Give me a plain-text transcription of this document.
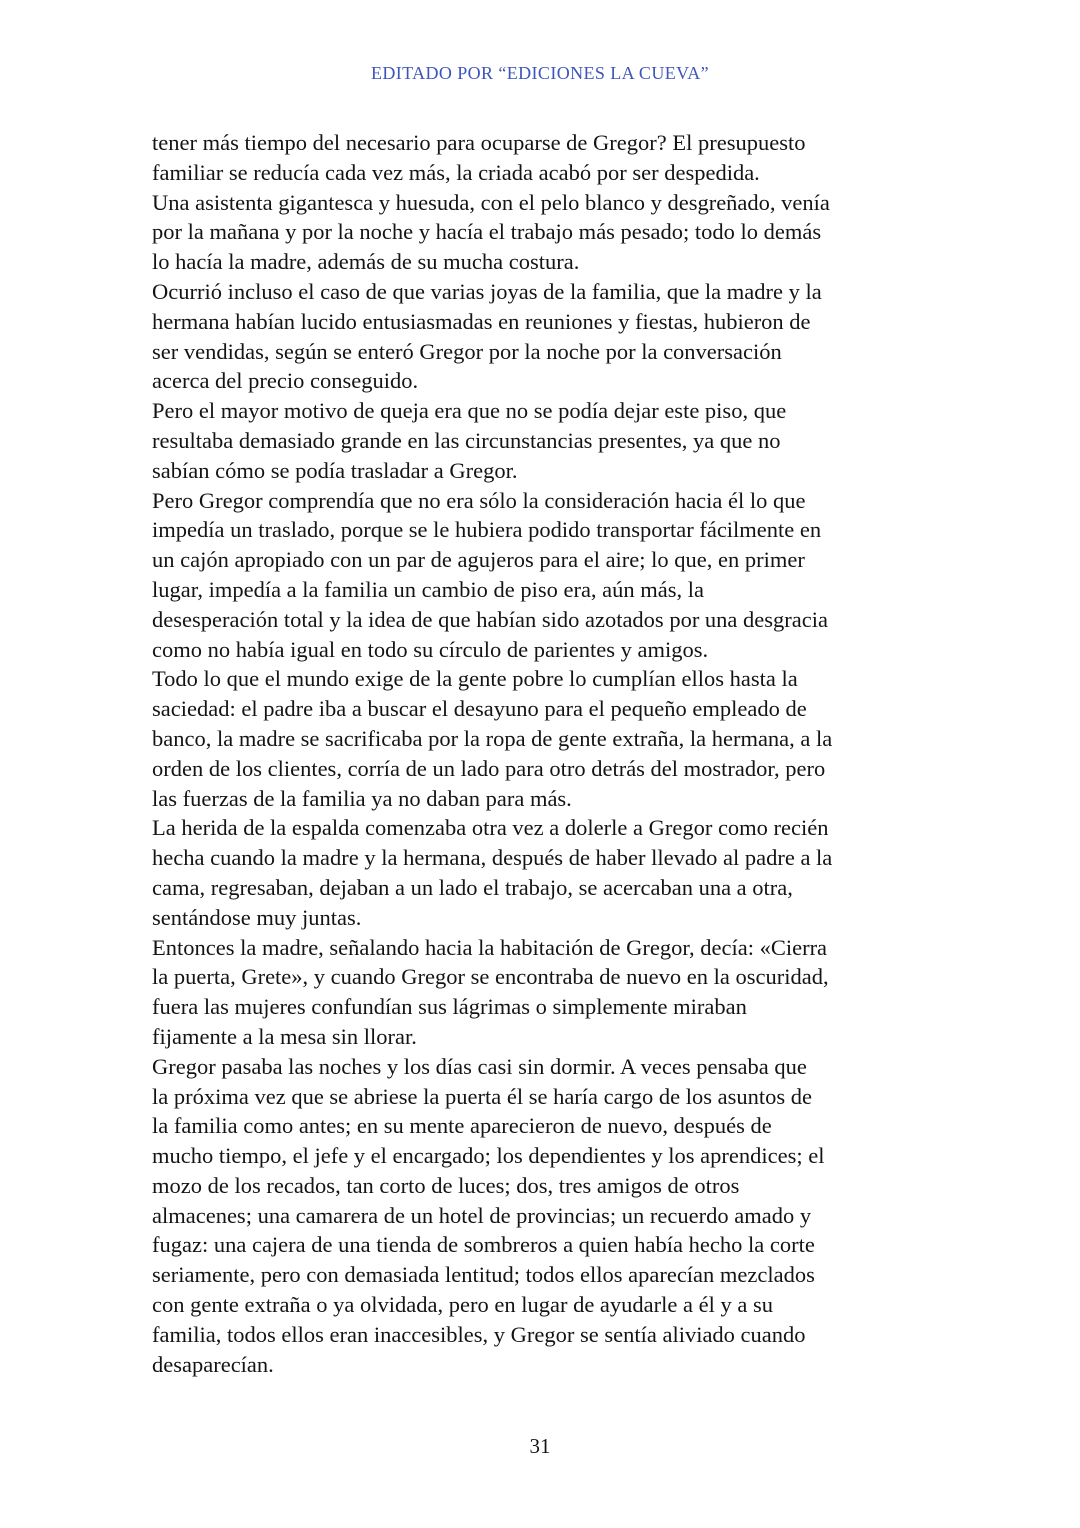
EDITADO POR “EDICIONES LA CUEVA”

tener más tiempo del necesario para ocuparse de Gregor? El presupuesto
familiar se reducía cada vez más, la criada acabó por ser despedida.

Una asistenta gigantesca y huesuda, con el pelo blanco y desgreñado, venía
por la mañana y por la noche y hacía el trabajo más pesado; todo lo demás
lo hacía la madre, además de su mucha costura.

Ocurrió incluso el caso de que varias joyas de la familia, que la madre y la
hermana habían lucido entusiasmadas en reuniones y fiestas, hubieron de
ser vendidas, según se enteró Gregor por la noche por la conversación
acerca del precio conseguido.

Pero el mayor motivo de queja era que no se podía dejar este piso, que
resultaba demasiado grande en las circunstancias presentes, ya que no
sabían cómo se podía trasladar a Gregor.

Pero Gregor comprendía que no era sólo la consideración hacia él lo que
impedía un traslado, porque se le hubiera podido transportar fácilmente en
un cajón apropiado con un par de agujeros para el aire; lo que, en primer
lugar, impedía a la familia un cambio de piso era, aún más, la
desesperación total y la idea de que habían sido azotados por una desgracia
como no había igual en todo su círculo de parientes y amigos.

Todo lo que el mundo exige de la gente pobre lo cumplían ellos hasta la
saciedad: el padre iba a buscar el desayuno para el pequeño empleado de
banco, la madre se sacrificaba por la ropa de gente extraña, la hermana, a la
orden de los clientes, corría de un lado para otro detrás del mostrador, pero
las fuerzas de la familia ya no daban para más.

La herida de la espalda comenzaba otra vez a dolerle a Gregor como recién
hecha cuando la madre y la hermana, después de haber llevado al padre a la
cama, regresaban, dejaban a un lado el trabajo, se acercaban una a otra,
sentándose muy juntas.

Entonces la madre, señalando hacia la habitación de Gregor, decía: «Cierra
la puerta, Grete», y cuando Gregor se encontraba de nuevo en la oscuridad,
fuera las mujeres confundían sus lágrimas o simplemente miraban
fijamente a la mesa sin llorar.

Gregor pasaba las noches y los días casi sin dormir. A veces pensaba que
la próxima vez que se abriese la puerta él se haría cargo de los asuntos de
la familia como antes; en su mente aparecieron de nuevo, después de
mucho tiempo, el jefe y el encargado; los dependientes y los aprendices; el
mozo de los recados, tan corto de luces; dos, tres amigos de otros
almacenes; una camarera de un hotel de provincias; un recuerdo amado y
fugaz: una cajera de una tienda de sombreros a quien había hecho la corte
seriamente, pero con demasiada lentitud; todos ellos aparecían mezclados
con gente extraña o ya olvidada, pero en lugar de ayudarle a él y a su
familia, todos ellos eran inaccesibles, y Gregor se sentía aliviado cuando
desaparecían.

31
